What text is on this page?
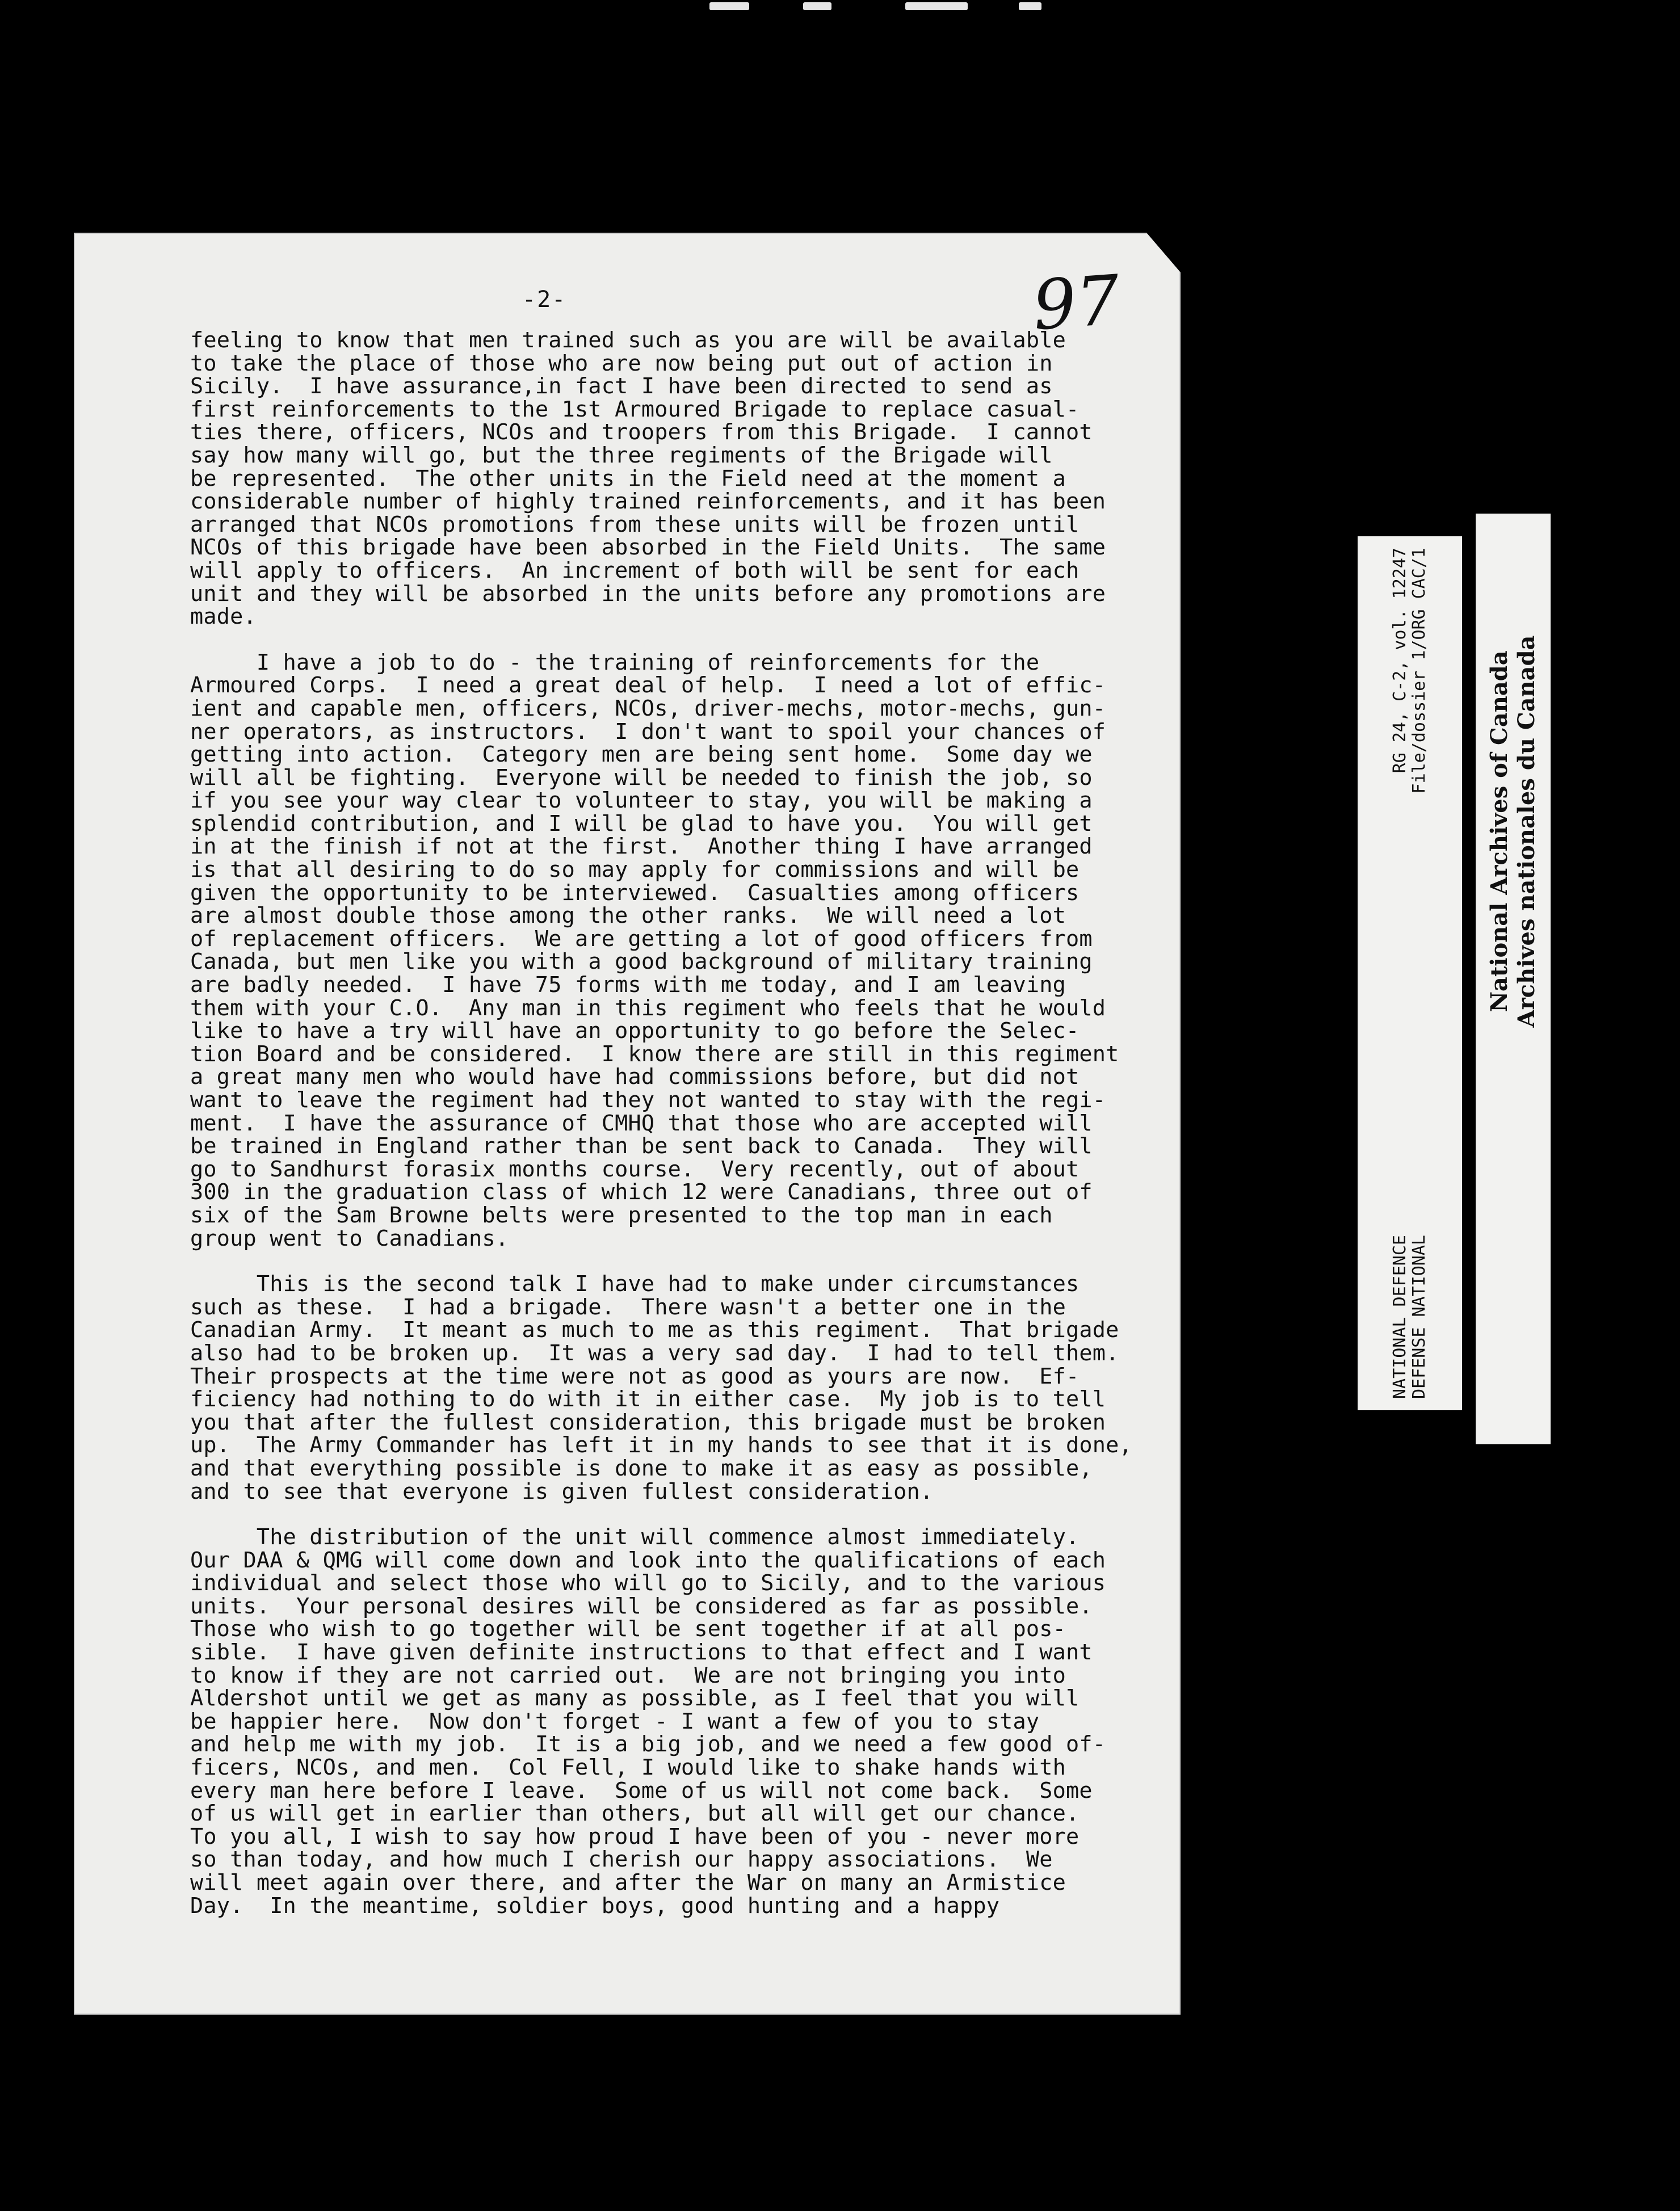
-2-	97
feeling to know that men trained such as you are will be available
to take the place of those who are now being put out of action in
Sicily.  I have assurance,in fact I have been directed to send as
first reinforcements to the 1st Armoured Brigade to replace casual-
ties there, officers, NCOs and troopers from this Brigade.  I cannot
say how many will go, but the three regiments of the Brigade will
be represented.  The other units in the Field need at the moment a
considerable number of highly trained reinforcements, and it has been
arranged that NCOs promotions from these units will be frozen until
NCOs of this brigade have been absorbed in the Field Units.  The same
will apply to officers.  An increment of both will be sent for each
unit and they will be absorbed in the units before any promotions are
made.
I have a job to do - the training of reinforcements for the
Armoured Corps.  I need a great deal of help.  I need a lot of effic-
ient and capable men, officers, NCOs, driver-mechs, motor-mechs, gun-
ner operators, as instructors.  I don't want to spoil your chances of
getting into action.  Category men are being sent home.  Some day we
will all be fighting.  Everyone will be needed to finish the job, so
if you see your way clear to volunteer to stay, you will be making a
splendid contribution, and I will be glad to have you.  You will get
in at the finish if not at the first.  Another thing I have arranged
is that all desiring to do so may apply for commissions and will be
given the opportunity to be interviewed.  Casualties among officers
are almost double those among the other ranks.  We will need a lot
of replacement officers.  We are getting a lot of good officers from
Canada, but men like you with a good background of military training
are badly needed.  I have 75 forms with me today, and I am leaving
them with your C.O.  Any man in this regiment who feels that he would
like to have a try will have an opportunity to go before the Selec-
tion Board and be considered.  I know there are still in this regiment
a great many men who would have had commissions before, but did not
want to leave the regiment had they not wanted to stay with the regi-
ment.  I have the assurance of CMHQ that those who are accepted will
be trained in England rather than be sent back to Canada.  They will
go to Sandhurst forasix months course.  Very recently, out of about
300 in the graduation class of which 12 were Canadians, three out of
six of the Sam Browne belts were presented to the top man in each
group went to Canadians.
This is the second talk I have had to make under circumstances
such as these.  I had a brigade.  There wasn't a better one in the
Canadian Army.  It meant as much to me as this regiment.  That brigade
also had to be broken up.  It was a very sad day.  I had to tell them.
Their prospects at the time were not as good as yours are now.  Ef-
ficiency had nothing to do with it in either case.  My job is to tell
you that after the fullest consideration, this brigade must be broken
up.  The Army Commander has left it in my hands to see that it is done,
and that everything possible is done to make it as easy as possible,
and to see that everyone is given fullest consideration.
The distribution of the unit will commence almost immediately.
Our DAA & QMG will come down and look into the qualifications of each
individual and select those who will go to Sicily, and to the various
units.  Your personal desires will be considered as far as possible.
Those who wish to go together will be sent together if at all pos-
sible.  I have given definite instructions to that effect and I want
to know if they are not carried out.  We are not bringing you into
Aldershot until we get as many as possible, as I feel that you will
be happier here.  Now don't forget - I want a few of you to stay
and help me with my job.  It is a big job, and we need a few good of-
ficers, NCOs, and men.  Col Fell, I would like to shake hands with
every man here before I leave.  Some of us will not come back.  Some
of us will get in earlier than others, but all will get our chance.
To you all, I wish to say how proud I have been of you - never more
so than today, and how much I cherish our happy associations.  We
will meet again over there, and after the War on many an Armistice
Day.  In the meantime, soldier boys, good hunting and a happy
NATIONAL DEFENCE
RG 24, C-2, vol. 12247
DEFENSE NATIONAL
File/dossier 1/ORG CAC/1	National Archives of Canada Archives nationales du Canada
